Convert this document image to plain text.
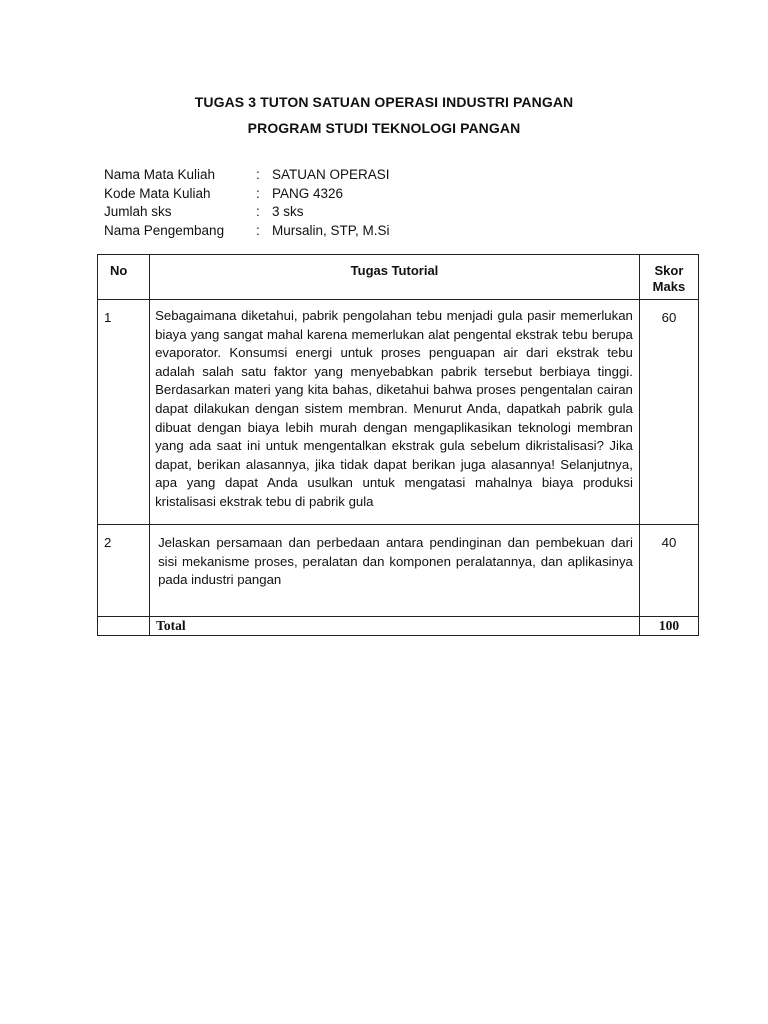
TUGAS 3 TUTON SATUAN OPERASI INDUSTRI PANGAN
PROGRAM STUDI TEKNOLOGI PANGAN
Nama Mata Kuliah	: SATUAN OPERASI
Kode Mata Kuliah	: PANG 4326
Jumlah sks	: 3 sks
Nama Pengembang	: Mursalin, STP, M.Si
No	Tugas Tutorial	Skor Maks
1	Sebagaimana diketahui, pabrik pengolahan tebu menjadi gula pasir memerlukan biaya yang sangat mahal karena memerlukan alat pengental ekstrak tebu berupa evaporator. Konsumsi energi untuk proses penguapan air dari ekstrak tebu adalah salah satu faktor yang menyebabkan pabrik tersebut berbiaya tinggi. Berdasarkan materi yang kita bahas, diketahui bahwa proses pengentalan cairan dapat dilakukan dengan sistem membran. Menurut Anda, dapatkah pabrik gula dibuat dengan biaya lebih murah dengan mengaplikasikan teknologi membran yang ada saat ini untuk mengentalkan ekstrak gula sebelum dikristalisasi? Jika dapat, berikan alasannya, jika tidak dapat berikan juga alasannya! Selanjutnya, apa yang dapat Anda usulkan untuk mengatasi mahalnya biaya produksi kristalisasi ekstrak tebu di pabrik gula	60
2	Jelaskan persamaan dan perbedaan antara pendinginan dan pembekuan dari sisi mekanisme proses, peralatan dan komponen peralatannya, dan aplikasinya pada industri pangan	40
	Total	100
